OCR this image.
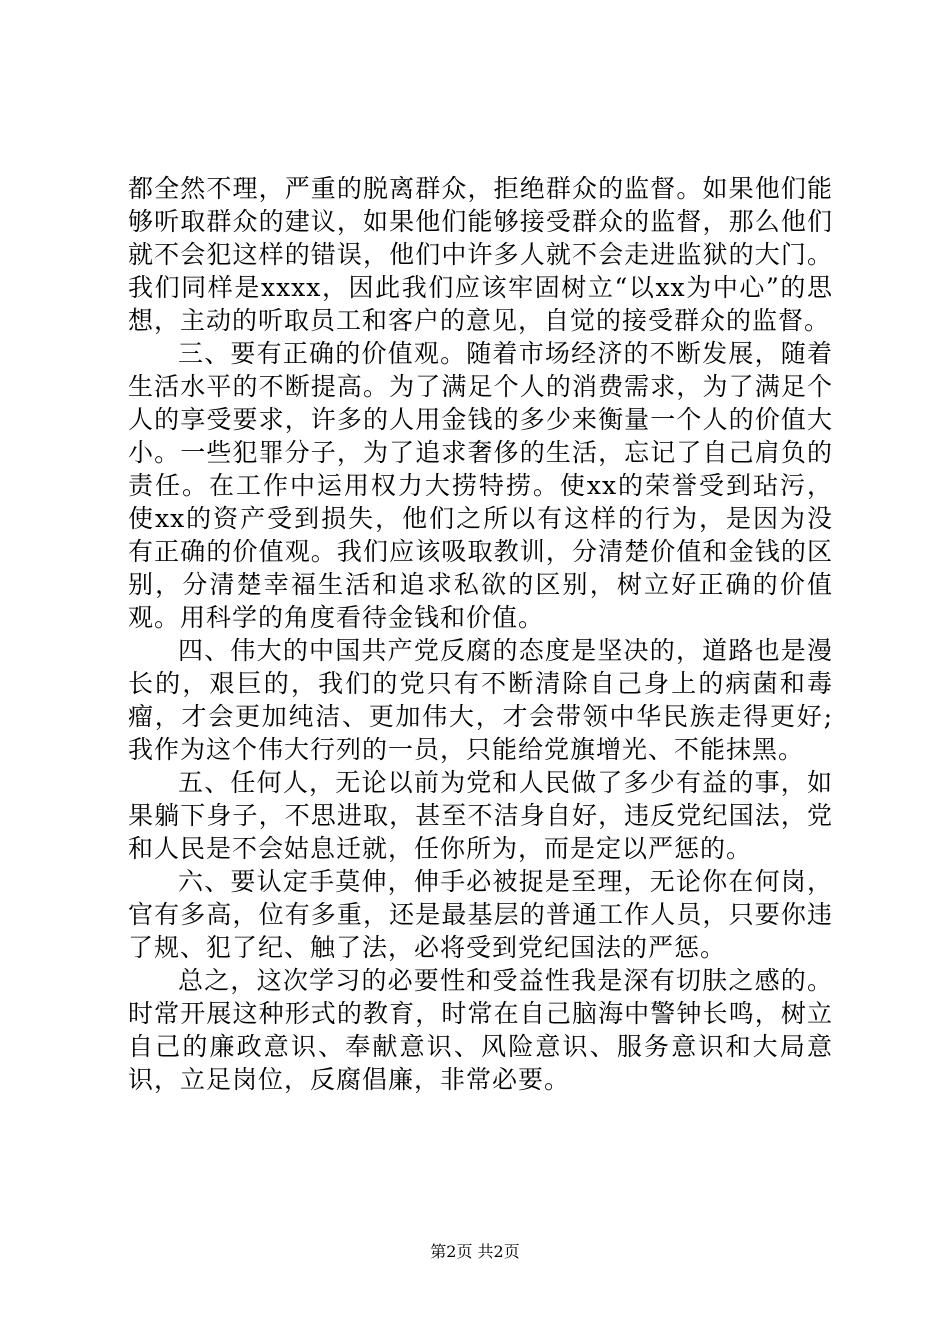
都全然不理，严重的脱离群众，拒绝群众的监督。如果他们能够听取群众的建议，如果他们能够接受群众的监督，那么他们就不会犯这样的错误，他们中许多人就不会走进监狱的大门。我们同样是xxxx，因此我们应该牢固树立“以xx为中心”的思想，主动的听取员工和客户的意见，自觉的接受群众的监督。

三、要有正确的价值观。随着市场经济的不断发展，随着生活水平的不断提高。为了满足个人的消费需求，为了满足个人的享受要求，许多的人用金钱的多少来衡量一个人的价值大小。一些犯罪分子，为了追求奢侈的生活，忘记了自己肩负的责任。在工作中运用权力大捞特捞。使xx的荣誉受到玷污，使xx的资产受到损失，他们之所以有这样的行为，是因为没有正确的价值观。我们应该吸取教训，分清楚价值和金钱的区别，分清楚幸福生活和追求私欲的区别，树立好正确的价值观。用科学的角度看待金钱和价值。

四、伟大的中国共产党反腐的态度是坚决的，道路也是漫长的，艰巨的，我们的党只有不断清除自己身上的病菌和毒瘤，才会更加纯洁、更加伟大，才会带领中华民族走得更好;我作为这个伟大行列的一员，只能给党旗增光、不能抹黑。

五、任何人，无论以前为党和人民做了多少有益的事，如果躺下身子，不思进取，甚至不洁身自好，违反党纪国法，党和人民是不会姑息迁就，任你所为，而是定以严惩的。

六、要认定手莫伸，伸手必被捉是至理，无论你在何岗，官有多高，位有多重，还是最基层的普通工作人员，只要你违了规、犯了纪、触了法，必将受到党纪国法的严惩。

总之，这次学习的必要性和受益性我是深有切肤之感的。时常开展这种形式的教育，时常在自己脑海中警钟长鸣，树立自己的廉政意识、奉献意识、风险意识、服务意识和大局意识，立足岗位，反腐倡廉，非常必要。

第2页 共2页
